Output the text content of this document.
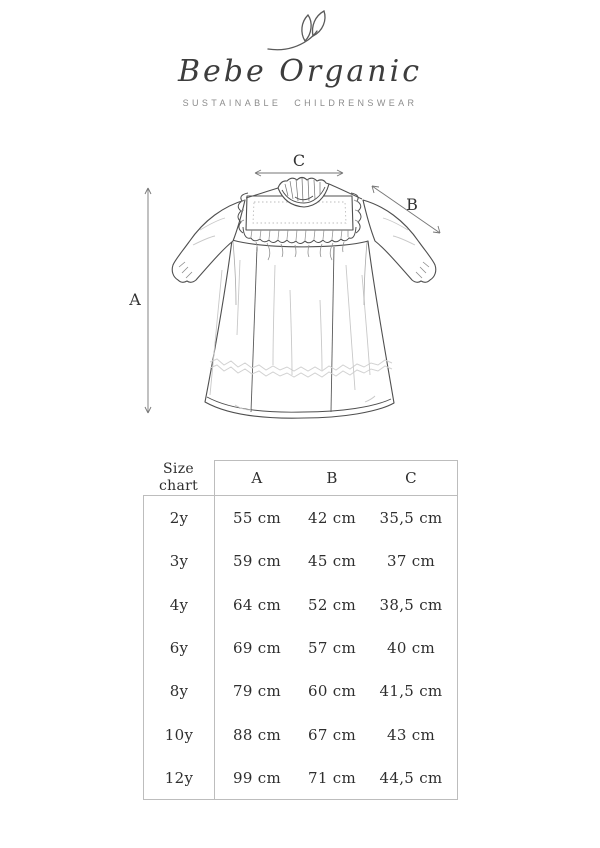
Bebe Organic
SUSTAINABLE CHILDRENSWEAR
A
C
B
Size chart	A	B	C
2y	55 cm	42 cm	35,5 cm
3y	59 cm	45 cm	37 cm
4y	64 cm	52 cm	38,5 cm
6y	69 cm	57 cm	40 cm
8y	79 cm	60 cm	41,5 cm
10y	88 cm	67 cm	43 cm
12y	99 cm	71 cm	44,5 cm
